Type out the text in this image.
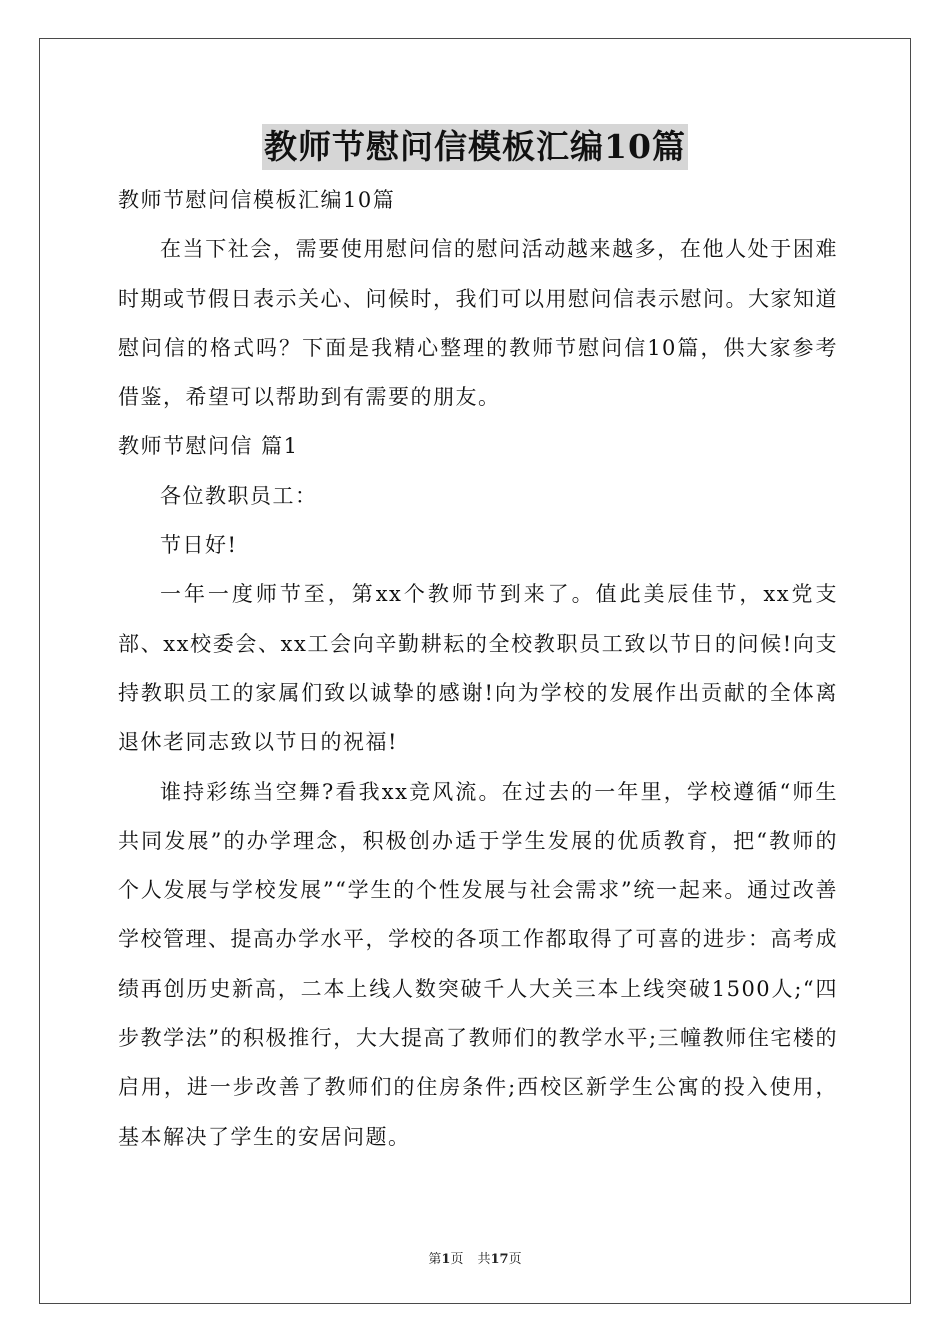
教师节慰问信模板汇编10篇

教师节慰问信模板汇编10篇

在当下社会，需要使用慰问信的慰问活动越来越多，在他人处于困难时期或节假日表示关心、问候时，我们可以用慰问信表示慰问。大家知道慰问信的格式吗？下面是我精心整理的教师节慰问信10篇，供大家参考借鉴，希望可以帮助到有需要的朋友。

教师节慰问信 篇1

各位教职员工：

节日好!

一年一度师节至，第xx个教师节到来了。值此美辰佳节，xx党支部、xx校委会、xx工会向辛勤耕耘的全校教职员工致以节日的问候!向支持教职员工的家属们致以诚挚的感谢!向为学校的发展作出贡献的全体离退休老同志致以节日的祝福!

谁持彩练当空舞?看我xx竞风流。在过去的一年里，学校遵循“师生共同发展”的办学理念，积极创办适于学生发展的优质教育，把“教师的个人发展与学校发展”“学生的个性发展与社会需求”统一起来。通过改善学校管理、提高办学水平，学校的各项工作都取得了可喜的进步：高考成绩再创历史新高，二本上线人数突破千人大关三本上线突破1500人;“四步教学法”的积极推行，大大提高了教师们的教学水平;三幢教师住宅楼的启用，进一步改善了教师们的住房条件;西校区新学生公寓的投入使用，基本解决了学生的安居问题。

第1页 共17页
